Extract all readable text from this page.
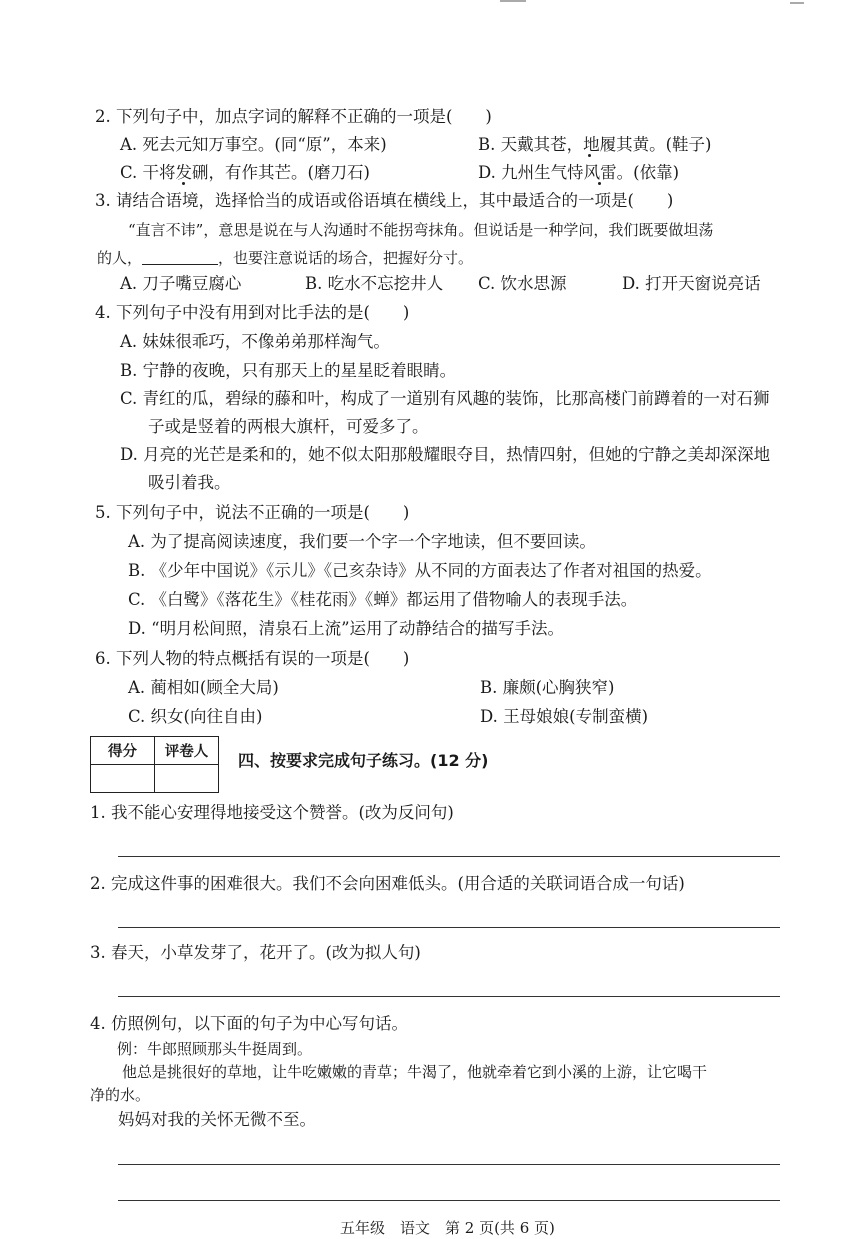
2. 下列句子中，加点字词的解释不正确的一项是(　　)
A. 死去元知万事空。(同“原”，本来)	B. 天戴其苍，地履其黄。(鞋子)
C. 干将发硎，有作其芒。(磨刀石)	D. 九州生气恃风雷。(依靠)
3. 请结合语境，选择恰当的成语或俗语填在横线上，其中最适合的一项是(　　)
“直言不讳”，意思是说在与人沟通时不能拐弯抹角。但说话是一种学问，我们既要做坦荡
的人，	，也要注意说话的场合，把握好分寸。
A. 刀子嘴豆腐心	B. 吃水不忘挖井人 C. 饮水思源	D. 打开天窗说亮话
4. 下列句子中没有用到对比手法的是(　　)
A. 妹妹很乖巧，不像弟弟那样淘气。
B. 宁静的夜晚，只有那天上的星星眨着眼睛。
C. 青红的瓜，碧绿的藤和叶，构成了一道别有风趣的装饰，比那高楼门前蹲着的一对石狮
子或是竖着的两根大旗杆，可爱多了。
D. 月亮的光芒是柔和的，她不似太阳那般耀眼夺目，热情四射，但她的宁静之美却深深地
吸引着我。
5. 下列句子中，说法不正确的一项是(　　)
A. 为了提高阅读速度，我们要一个字一个字地读，但不要回读。
B. 《少年中国说》《示儿》《己亥杂诗》从不同的方面表达了作者对祖国的热爱。
C. 《白鹭》《落花生》《桂花雨》《蝉》都运用了借物喻人的表现手法。
D. “明月松间照，清泉石上流”运用了动静结合的描写手法。
6. 下列人物的特点概括有误的一项是(　　)
A. 蔺相如(顾全大局)	B. 廉颇(心胸狭窄)
C. 织女(向往自由)	D. 王母娘娘(专制蛮横)
得分	评卷人
	四、按要求完成句子练习。(12 分)
1. 我不能心安理得地接受这个赞誉。(改为反问句)
2. 完成这件事的困难很大。我们不会向困难低头。(用合适的关联词语合成一句话)
3. 春天，小草发芽了，花开了。(改为拟人句)
4. 仿照例句，以下面的句子为中心写句话。
例：牛郎照顾那头牛挺周到。
他总是挑很好的草地，让牛吃嫩嫩的青草；牛渴了，他就牵着它到小溪的上游，让它喝干
净的水。
妈妈对我的关怀无微不至。
五年级　语文　第 2 页(共 6 页)
